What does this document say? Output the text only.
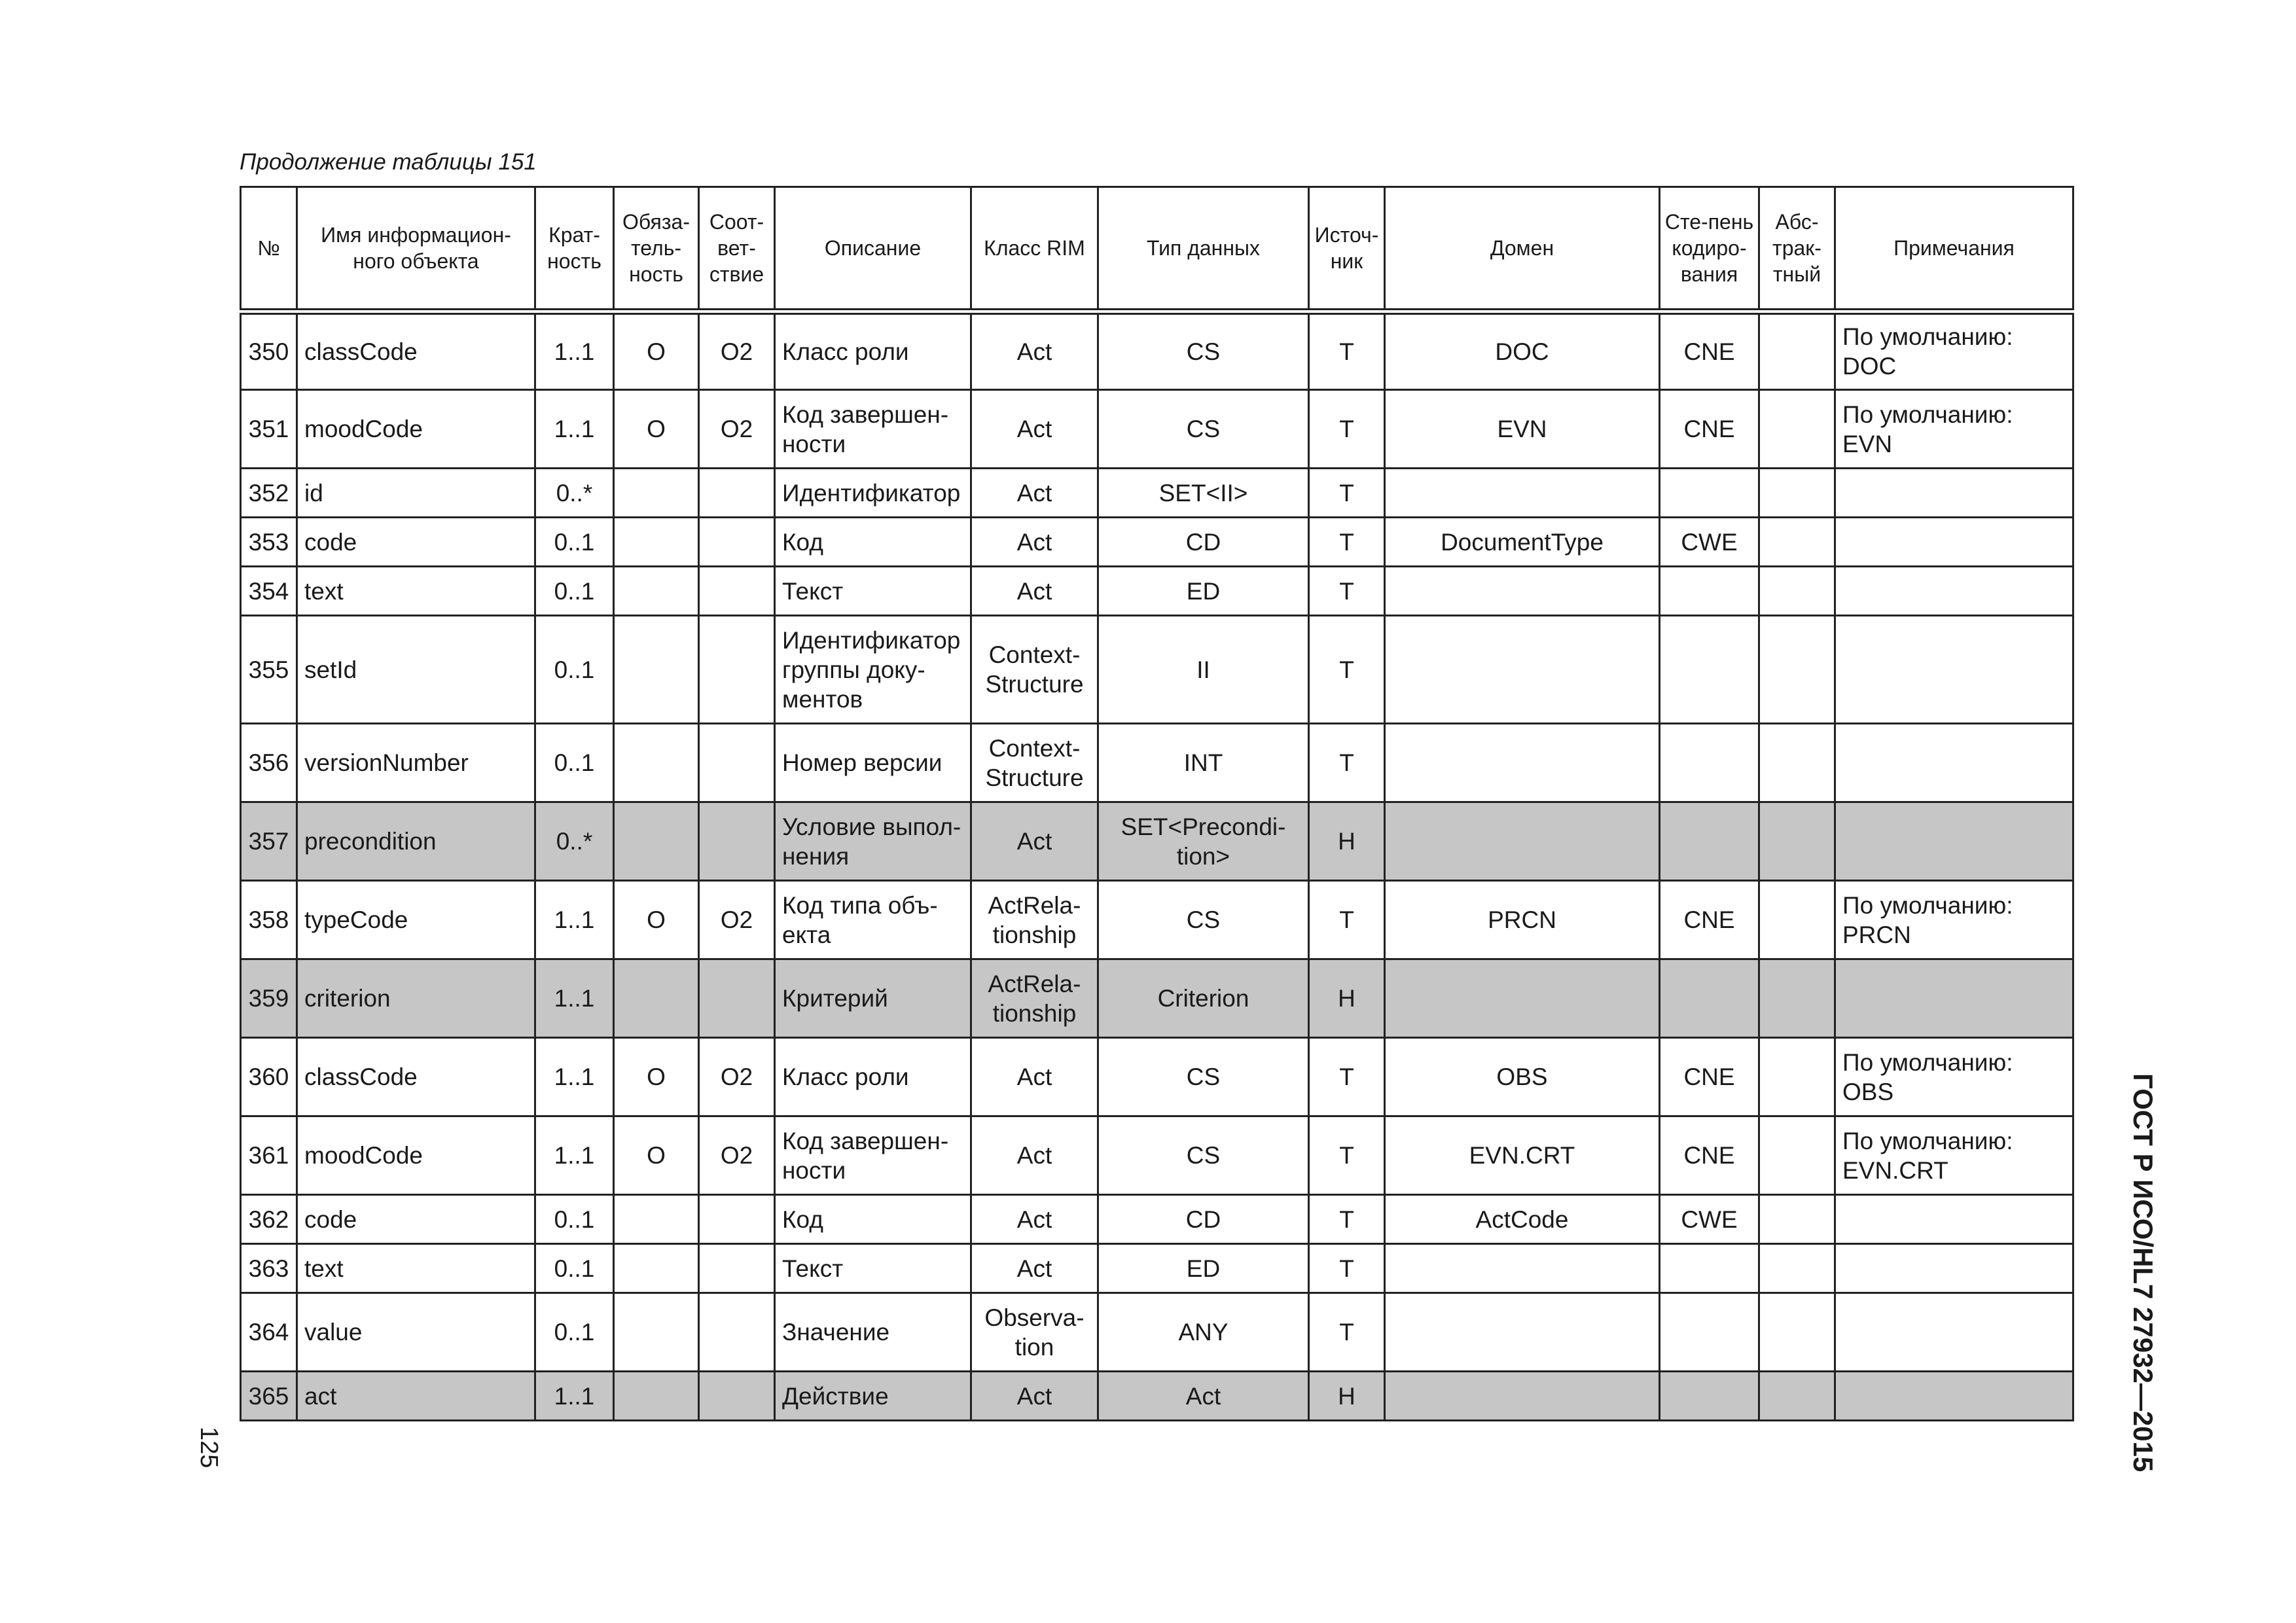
Продолжение таблицы 151
№	Имя информацион-ного объекта	Крат-ность	Обяза-тель-ность	Соот-вет-ствие	Описание	Класс RIM	Тип данных	Источ-ник	Домен	Сте-пень кодиро-вания	Абс-трак-тный	Примечания
350	classCode	1..1	O	O2	Класс роли	Act	CS	T	DOC	CNE		По умолчанию: DOC
351	moodCode	1..1	O	O2	Код завершен-ности	Act	CS	T	EVN	CNE		По умолчанию: EVN
352	id	0..*			Идентификатор	Act	SET<II>	T				
353	code	0..1			Код	Act	CD	T	DocumentType	CWE		
354	text	0..1			Текст	Act	ED	T				
355	setId	0..1			Идентификатор группы доку-ментов	Context-Structure	II	T				
356	versionNumber	0..1			Номер версии	Context-Structure	INT	T				
357	precondition	0..*			Условие выпол-нения	Act	SET<Precondi-tion>	H				
358	typeCode	1..1	O	O2	Код типа объ-екта	ActRela-tionship	CS	T	PRCN	CNE		По умолчанию: PRCN
359	criterion	1..1			Критерий	ActRela-tionship	Criterion	H				
360	classCode	1..1	O	O2	Класс роли	Act	CS	T	OBS	CNE		По умолчанию: OBS
361	moodCode	1..1	O	O2	Код завершен-ности	Act	CS	T	EVN.CRT	CNE		По умолчанию: EVN.CRT
362	code	0..1			Код	Act	CD	T	ActCode	CWE		
363	text	0..1			Текст	Act	ED	T				
364	value	0..1			Значение	Observa-tion	ANY	T				
365	act	1..1			Действие	Act	Act	H					ГОСТ Р ИСО/HL7 27932—2015
125
